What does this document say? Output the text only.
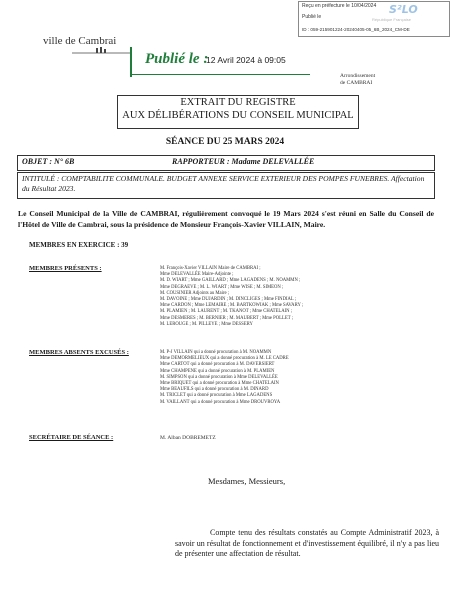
Reçu en préfecture le 10/04/2024
Publié le
S²LO
République Française
ID : 059-215901224-20240405-05_6B_2024_CM-DE
ville de Cambrai
Publié le :
12 Avril 2024 à 09:05
Arrondissement
de CAMBRAI
EXTRAIT DU REGISTRE
AUX DÉLIBÉRATIONS DU CONSEIL MUNICIPAL
SÉANCE DU 25 MARS 2024
OBJET : N° 6B	RAPPORTEUR : Madame DELEVALLÉE
INTITULÉ : COMPTABILITE COMMUNALE. BUDGET ANNEXE SERVICE EXTERIEUR DES POMPES FUNEBRES. Affectation du Résultat 2023.
Le Conseil Municipal de la Ville de CAMBRAI, régulièrement convoqué le 19 Mars 2024 s'est réuni en Salle du Conseil de l'Hôtel de Ville de Cambrai, sous la présidence de Monsieur François-Xavier VILLAIN, Maire.
MEMBRES EN EXERCICE : 39
MEMBRES PRÉSENTS :	M. François-Xavier VILLAIN Maire de CAMBRAI ;
Mme DELEVALLÉE Maire-Adjointe ;
M. D. WIART ; Mme GAILLARD ; Mme LAGADENS ; M. NOAMMN ;
Mme DEGRAEVE ; M. L. WIART ; Mme WISE ; M. SIMEON ;
M. COUSINIER Adjoints au Maire ;
M. DAVOINE ; Mme DUJARDIN ; M. DINCLIGES ; Mme FINDIAL ;
Mme CARDON ; Mme LEMAIRE ; M. BARTKOWIAK ; Mme SAVARY ;
M. PLAMIEN ; M. LAURENT ; M. TKANOT ; Mme CHATELAIN ;
Mme DESMERES ; M. BERNIER ; M. MAUBERT ; Mme POLLET ;
M. LEROUGE ; M. PILLEYE ; Mme DESSERY
MEMBRES ABSENTS EXCUSÉS :	M. P-J VILLAIN qui a donné procuration à M. NOAMMN
Mme DEMORMELIEUX qui a donné procuration à M. LE CADRE
Mme CARTOT qui a donné procuration à M. DAVERSIERT
Mme CHAMPENE qui a donné procuration à M. PLAMIEN
M. SIMPSON qui a donné procuration à Mme DELEVALLÉE
Mme BRIQUET qui a donné procuration à Mme CHATELAIN
Mme BEAUFILS qui a donné procuration à M. DINARD
M. TRICLET qui a donné procuration à Mme LAGADENS
M. VAILLANT qui a donné procuration à Mme DROUVROYA
SECRÉTAIRE DE SÉANCE :	M. Alban DOBREMETZ
Mesdames, Messieurs,
Compte tenu des résultats constatés au Compte Administratif 2023, à savoir un résultat de fonctionnement et d'investissement équilibré, il n'y a pas lieu de présenter une affectation de résultat.
